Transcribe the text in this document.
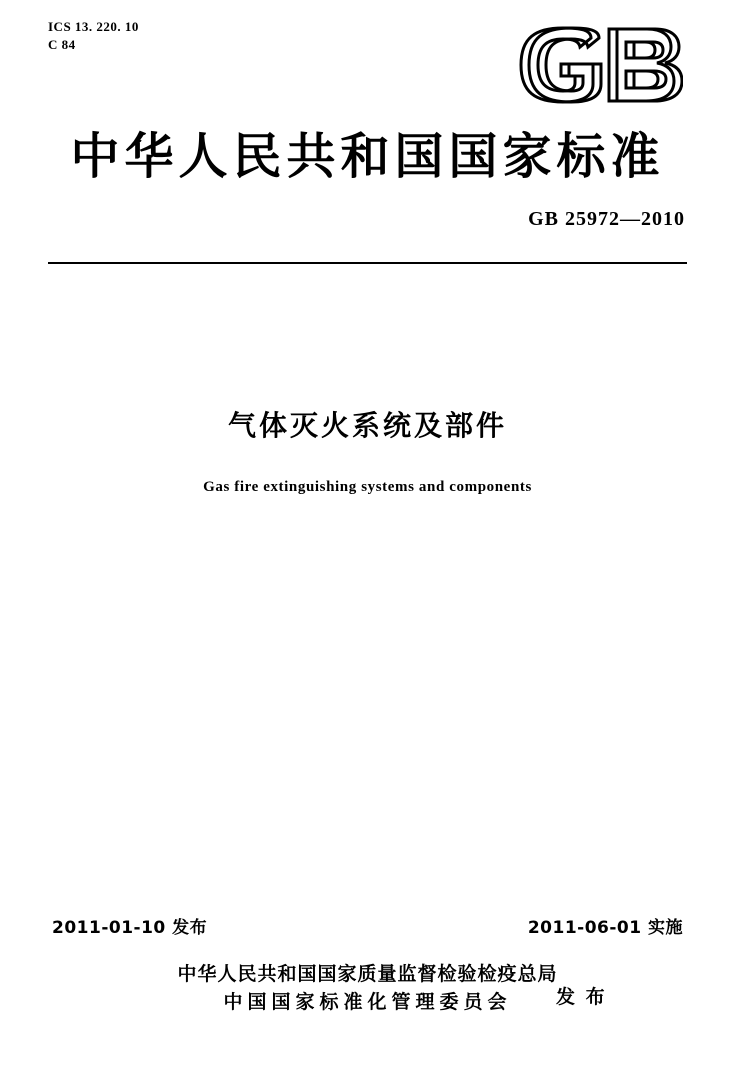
ICS 13. 220. 10
C 84
中华人民共和国国家标准
GB 25972—2010
气体灭火系统及部件
Gas fire extinguishing systems and components
2011-01-10 发布	2011-06-01 实施
中华人民共和国国家质量监督检验检疫总局
中国国家标准化管理委员会	发 布
